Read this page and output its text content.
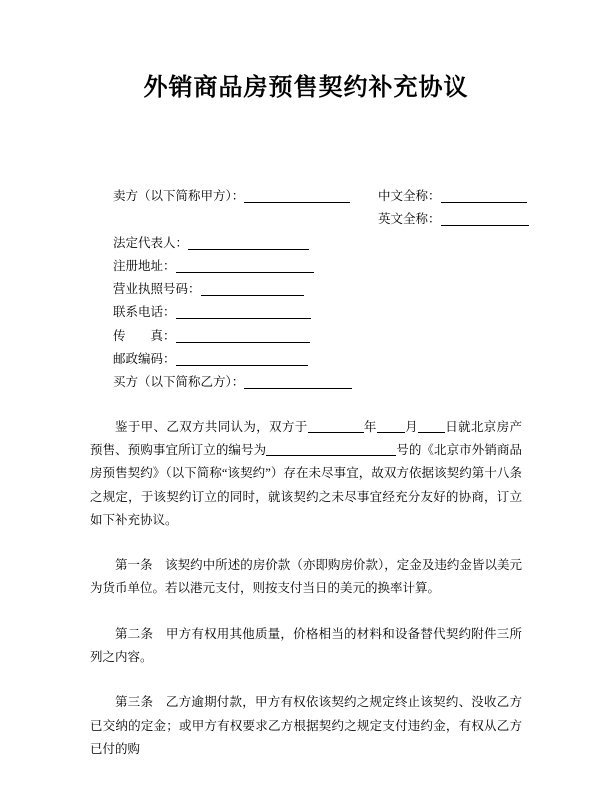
外销商品房预售契约补充协议
卖方（以下简称甲方）：	中文全称：
英文全称：
法定代表人：
注册地址：
营业执照号码：
联系电话：
传　　真：
邮政编码：
买方（以下简称乙方）：

鉴于甲、乙双方共同认为，双方于	年 月 日就北京房产预售、预购事宜所订立的编号为	号的《北京市外销商品房预售契约》（以下简称“该契约”）存在未尽事宜，故双方依据该契约第十八条之规定，于该契约订立的同时，就该契约之未尽事宜经充分友好的协商，订立如下补充协议。

第一条　该契约中所述的房价款（亦即购房价款），定金及违约金皆以美元为货币单位。若以港元支付，则按支付当日的美元的换率计算。

第二条　甲方有权用其他质量，价格相当的材料和设备替代契约附件三所列之内容。

第三条　乙方逾期付款，甲方有权依该契约之规定终止该契约、没收乙方已交纳的定金；或甲方有权要求乙方根据契约之规定支付违约金，有权从乙方已付的购
